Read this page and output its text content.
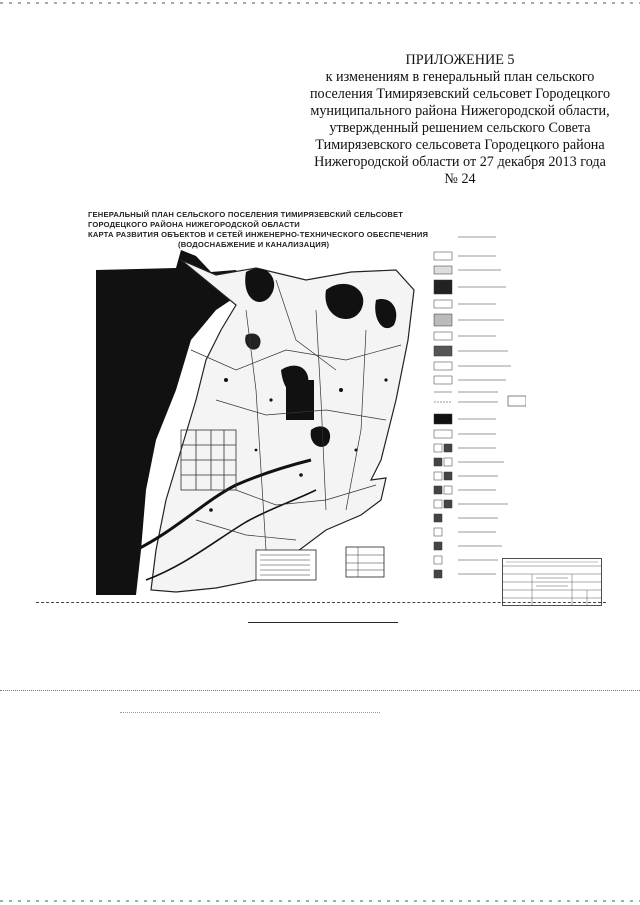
ПРИЛОЖЕНИЕ 5
к изменениям в генеральный план сельского
поселения Тимирязевский сельсовет Городецкого
муниципального района Нижегородской области,
утвержденный решением сельского Совета
Тимирязевского сельсовета Городецкого района
Нижегородской области от 27 декабря 2013 года
№ 24
ГЕНЕРАЛЬНЫЙ ПЛАН СЕЛЬСКОГО ПОСЕЛЕНИЯ ТИМИРЯЗЕВСКИЙ СЕЛЬСОВЕТ
ГОРОДЕЦКОГО РАЙОНА НИЖЕГОРОДСКОЙ ОБЛАСТИ
КАРТА РАЗВИТИЯ ОБЪЕКТОВ И СЕТЕЙ ИНЖЕНЕРНО-ТЕХНИЧЕСКОГО ОБЕСПЕЧЕНИЯ
(ВОДОСНАБЖЕНИЕ И КАНАЛИЗАЦИЯ)
